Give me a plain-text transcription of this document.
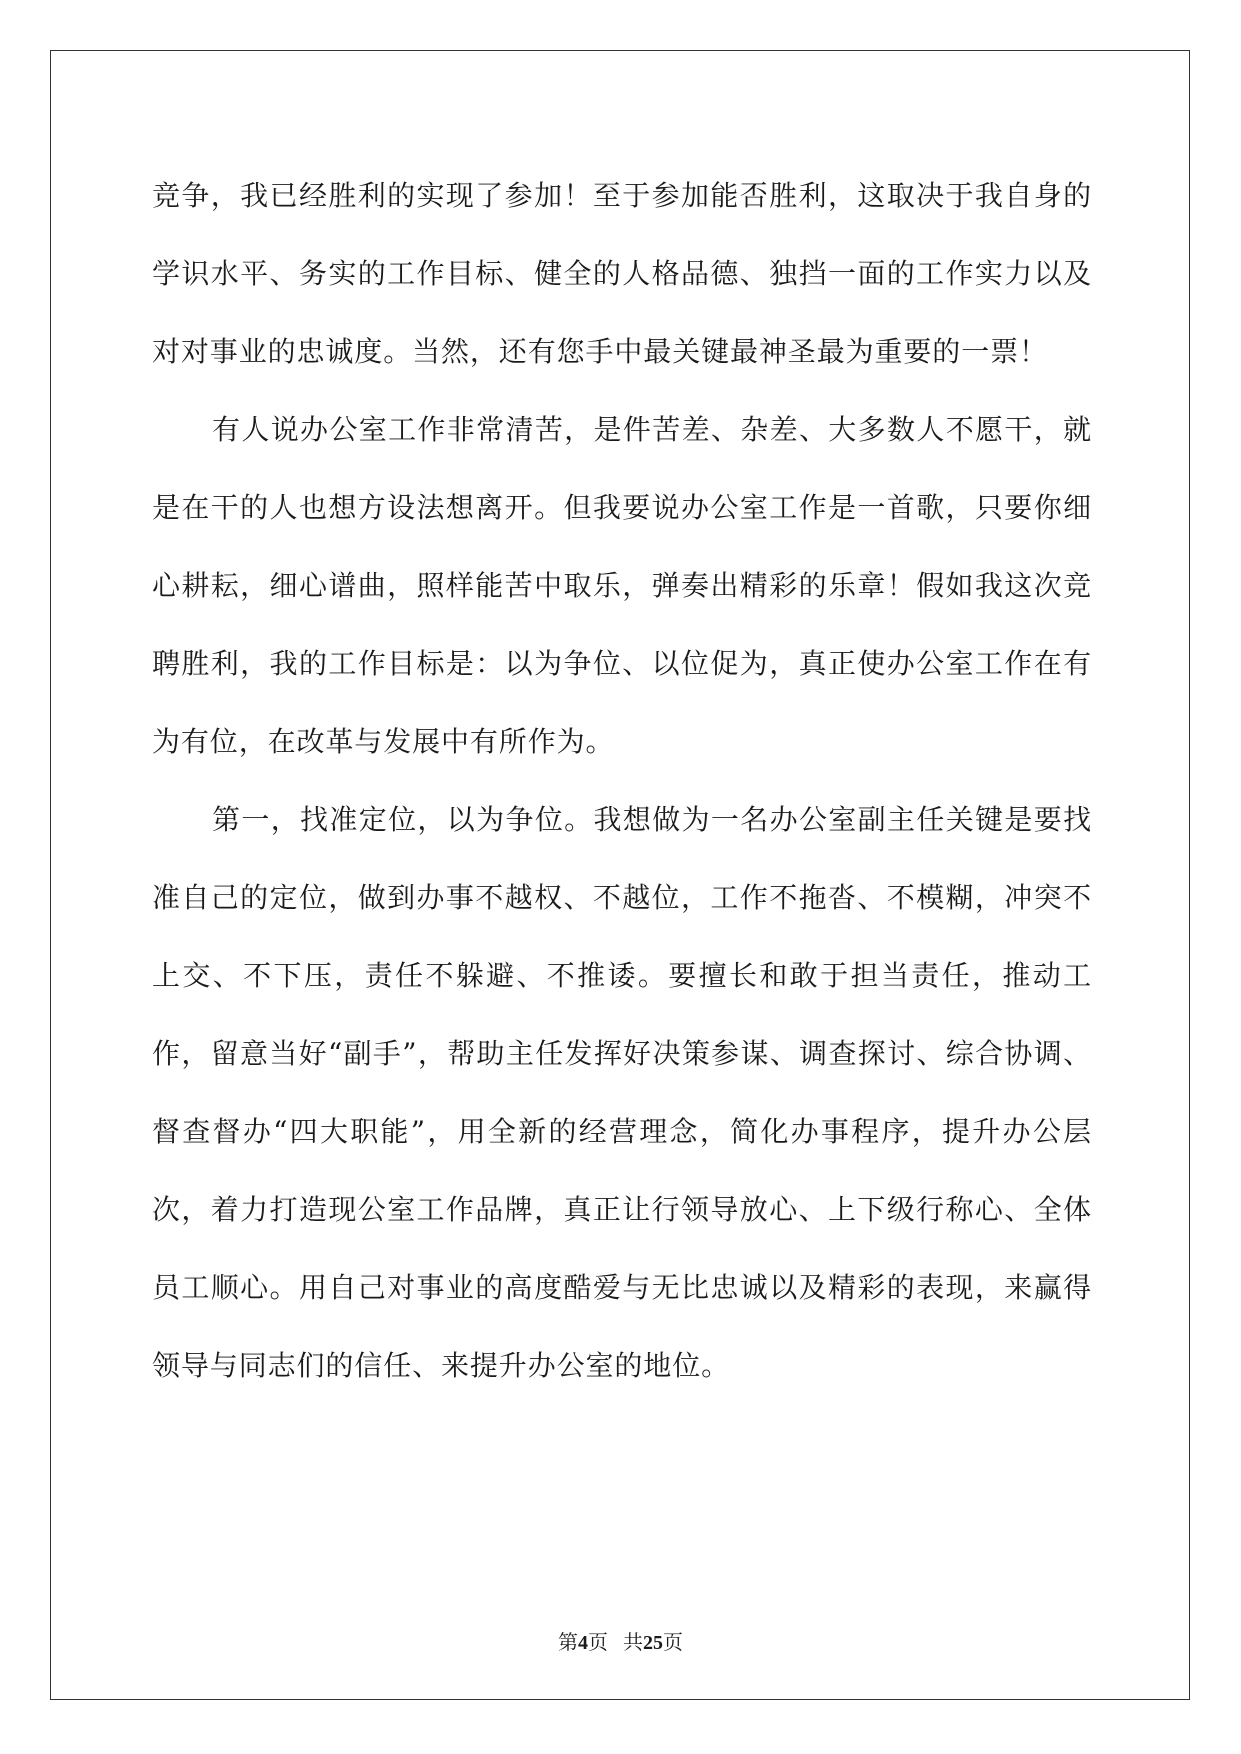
竞争，我已经胜利的实现了参加！至于参加能否胜利，这取决于我自身的学识水平、务实的工作目标、健全的人格品德、独挡一面的工作实力以及对对事业的忠诚度。当然，还有您手中最关键最神圣最为重要的一票！

有人说办公室工作非常清苦，是件苦差、杂差、大多数人不愿干，就是在干的人也想方设法想离开。但我要说办公室工作是一首歌，只要你细心耕耘，细心谱曲，照样能苦中取乐，弹奏出精彩的乐章！假如我这次竞聘胜利，我的工作目标是：以为争位、以位促为，真正使办公室工作在有为有位，在改革与发展中有所作为。

第一，找准定位，以为争位。我想做为一名办公室副主任关键是要找准自己的定位，做到办事不越权、不越位，工作不拖沓、不模糊，冲突不上交、不下压，责任不躲避、不推诿。要擅长和敢于担当责任，推动工作，留意当好“副手”，帮助主任发挥好决策参谋、调查探讨、综合协调、督查督办“四大职能”，用全新的经营理念，简化办事程序，提升办公层次，着力打造现公室工作品牌，真正让行领导放心、上下级行称心、全体员工顺心。用自己对事业的高度酷爱与无比忠诚以及精彩的表现，来赢得领导与同志们的信任、来提升办公室的地位。

第4页 共25页
